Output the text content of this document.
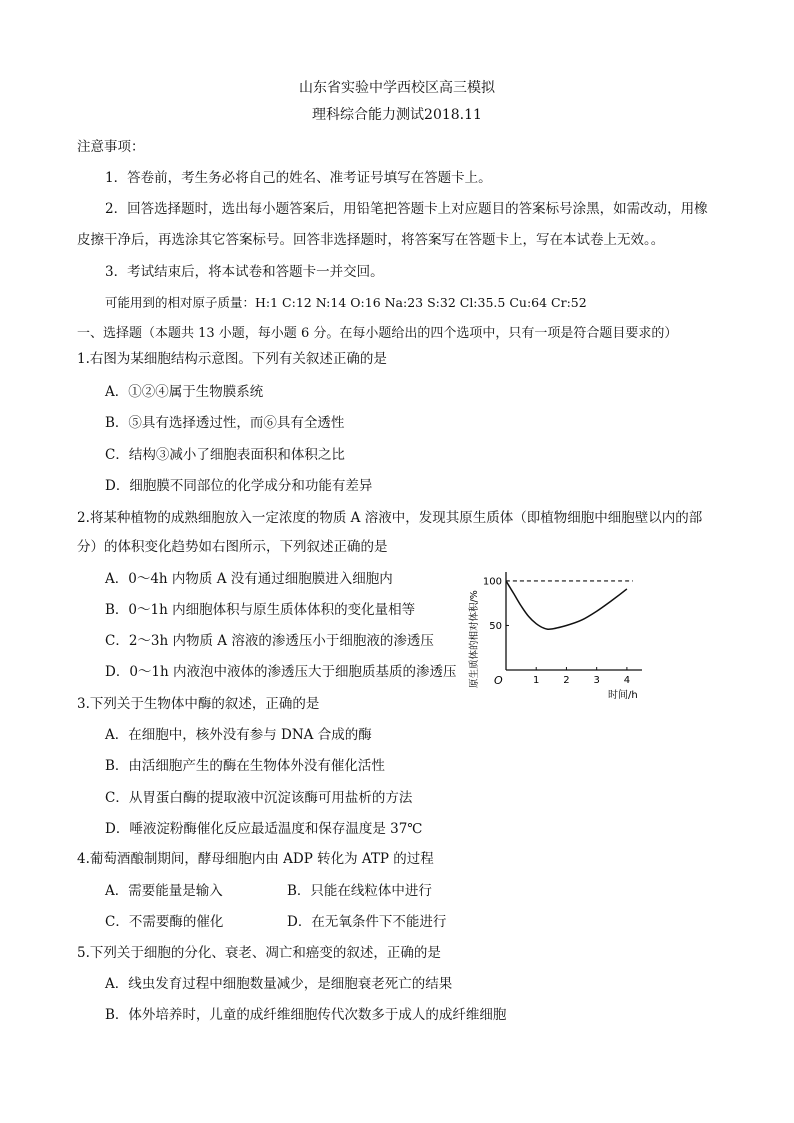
山东省实验中学西校区高三模拟
理科综合能力测试2018.11
注意事项：
1．答卷前，考生务必将自己的姓名、准考证号填写在答题卡上。
2．回答选择题时，选出每小题答案后，用铅笔把答题卡上对应题目的答案标号涂黑，如需改动，用橡
皮擦干净后，再选涂其它答案标号。回答非选择题时，将答案写在答题卡上，写在本试卷上无效。。
3．考试结束后，将本试卷和答题卡一并交回。
可能用到的相对原子质量：H:1 C:12 N:14 O:16 Na:23 S:32 Cl:35.5 Cu:64 Cr:52
一、选择题（本题共 13 小题，每小题 6 分。在每小题给出的四个选项中，只有一项是符合题目要求的）
1.右图为某细胞结构示意图。下列有关叙述正确的是
A．①②④属于生物膜系统
B．⑤具有选择透过性，而⑥具有全透性
C．结构③减小了细胞表面积和体积之比
D．细胞膜不同部位的化学成分和功能有差异
2.将某种植物的成熟细胞放入一定浓度的物质 A 溶液中，发现其原生质体（即植物细胞中细胞壁以内的部
分）的体积变化趋势如右图所示，下列叙述正确的是
A．0～4h 内物质 A 没有通过细胞膜进入细胞内
B．0～1h 内细胞体积与原生质体体积的变化量相等
C．2～3h 内物质 A 溶液的渗透压小于细胞液的渗透压
D．0～1h 内液泡中液体的渗透压大于细胞质基质的渗透压
50
100
1 2 3 4
O
时间/h
原生质体的相对体积/%
3.下列关于生物体中酶的叙述，正确的是
A．在细胞中，核外没有参与 DNA 合成的酶
B．由活细胞产生的酶在生物体外没有催化活性
C．从胃蛋白酶的提取液中沉淀该酶可用盐析的方法
D．唾液淀粉酶催化反应最适温度和保存温度是 37℃
4.葡萄酒酿制期间，酵母细胞内由 ADP 转化为 ATP 的过程
A．需要能量是输入	B．只能在线粒体中进行
C．不需要酶的催化	D．在无氧条件下不能进行
5.下列关于细胞的分化、衰老、凋亡和癌变的叙述，正确的是
A．线虫发育过程中细胞数量减少，是细胞衰老死亡的结果
B．体外培养时，儿童的成纤维细胞传代次数多于成人的成纤维细胞
